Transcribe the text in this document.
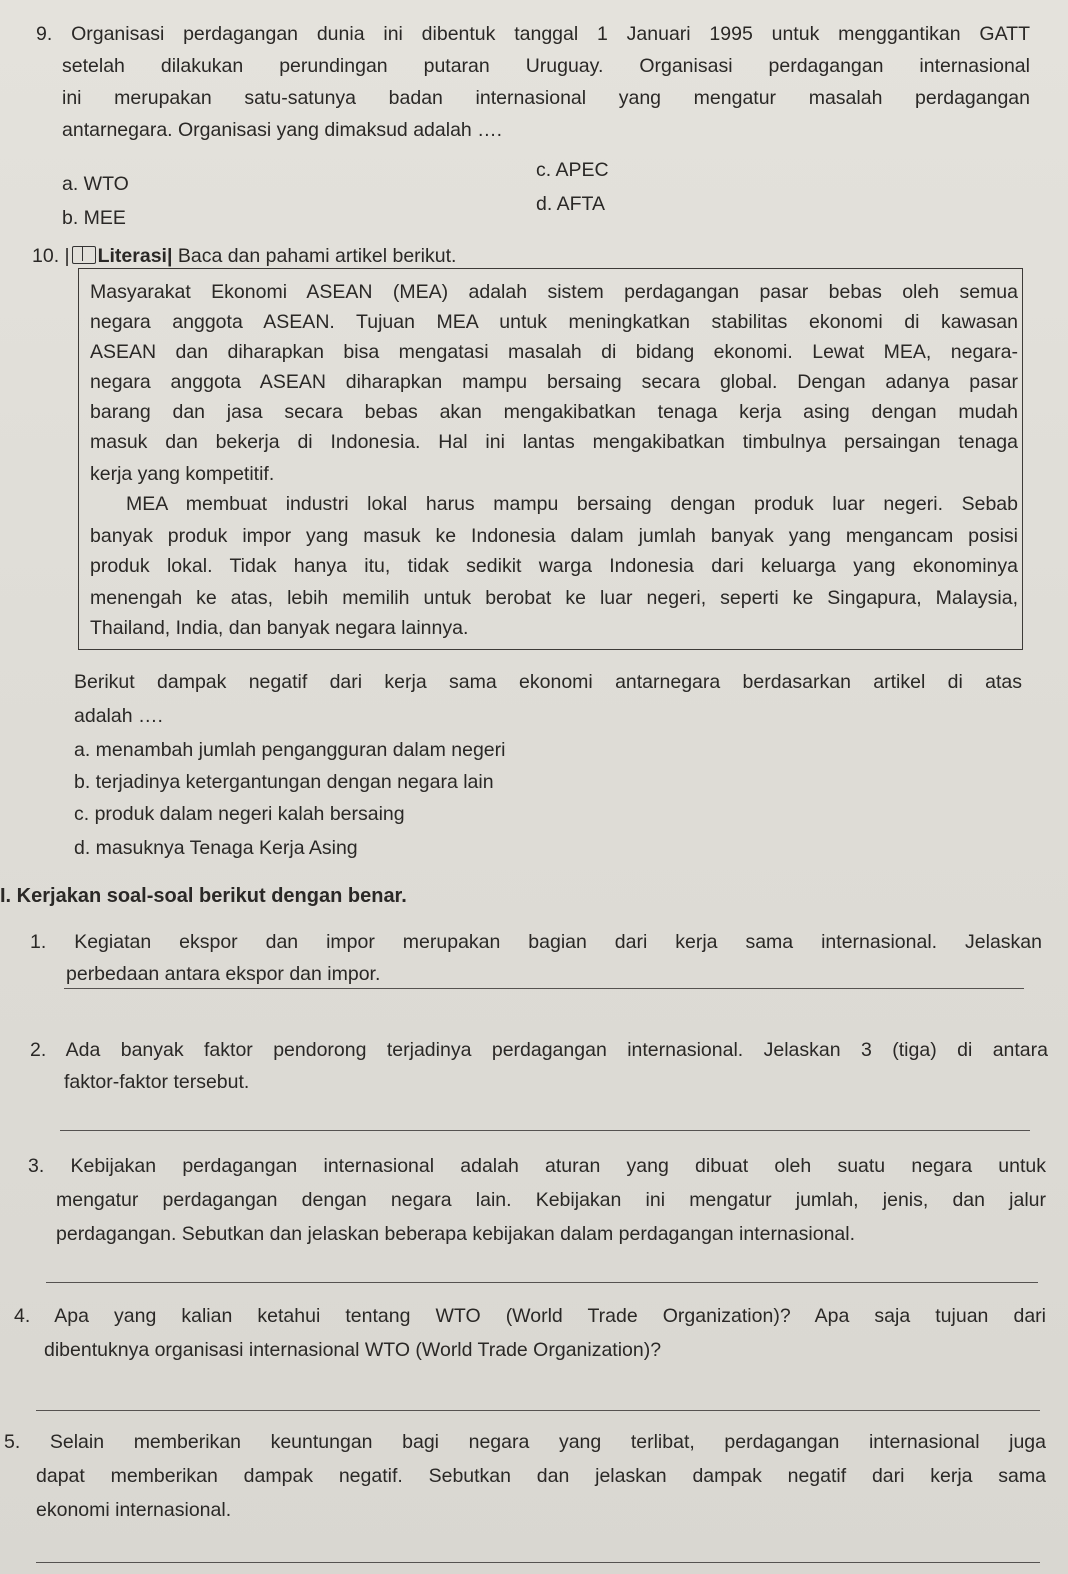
9. Organisasi perdagangan dunia ini dibentuk tanggal 1 Januari 1995 untuk menggantikan GATT
setelah dilakukan perundingan putaran Uruguay. Organisasi perdagangan internasional
ini merupakan satu-satunya badan internasional yang mengatur masalah perdagangan
antarnegara. Organisasi yang dimaksud adalah ….
a. WTO
b. MEE
c. APEC
d. AFTA
10. | Literasi| Baca dan pahami artikel berikut.
Masyarakat Ekonomi ASEAN (MEA) adalah sistem perdagangan pasar bebas oleh semua
negara anggota ASEAN. Tujuan MEA untuk meningkatkan stabilitas ekonomi di kawasan
ASEAN dan diharapkan bisa mengatasi masalah di bidang ekonomi. Lewat MEA, negara-
negara anggota ASEAN diharapkan mampu bersaing secara global. Dengan adanya pasar
barang dan jasa secara bebas akan mengakibatkan tenaga kerja asing dengan mudah
masuk dan bekerja di Indonesia. Hal ini lantas mengakibatkan timbulnya persaingan tenaga
kerja yang kompetitif.
MEA membuat industri lokal harus mampu bersaing dengan produk luar negeri. Sebab
banyak produk impor yang masuk ke Indonesia dalam jumlah banyak yang mengancam posisi
produk lokal. Tidak hanya itu, tidak sedikit warga Indonesia dari keluarga yang ekonominya
menengah ke atas, lebih memilih untuk berobat ke luar negeri, seperti ke Singapura, Malaysia,
Thailand, India, dan banyak negara lainnya.
Berikut dampak negatif dari kerja sama ekonomi antarnegara berdasarkan artikel di atas
adalah ….
a. menambah jumlah pengangguran dalam negeri
b. terjadinya ketergantungan dengan negara lain
c. produk dalam negeri kalah bersaing
d. masuknya Tenaga Kerja Asing
I. Kerjakan soal-soal berikut dengan benar.
1. Kegiatan ekspor dan impor merupakan bagian dari kerja sama internasional. Jelaskan
perbedaan antara ekspor dan impor.
2. Ada banyak faktor pendorong terjadinya perdagangan internasional. Jelaskan 3 (tiga) di antara
faktor-faktor tersebut.
3. Kebijakan perdagangan internasional adalah aturan yang dibuat oleh suatu negara untuk
mengatur perdagangan dengan negara lain. Kebijakan ini mengatur jumlah, jenis, dan jalur
perdagangan. Sebutkan dan jelaskan beberapa kebijakan dalam perdagangan internasional.
4. Apa yang kalian ketahui tentang WTO (World Trade Organization)? Apa saja tujuan dari
dibentuknya organisasi internasional WTO (World Trade Organization)?
5. Selain memberikan keuntungan bagi negara yang terlibat, perdagangan internasional juga
dapat memberikan dampak negatif. Sebutkan dan jelaskan dampak negatif dari kerja sama
ekonomi internasional.
